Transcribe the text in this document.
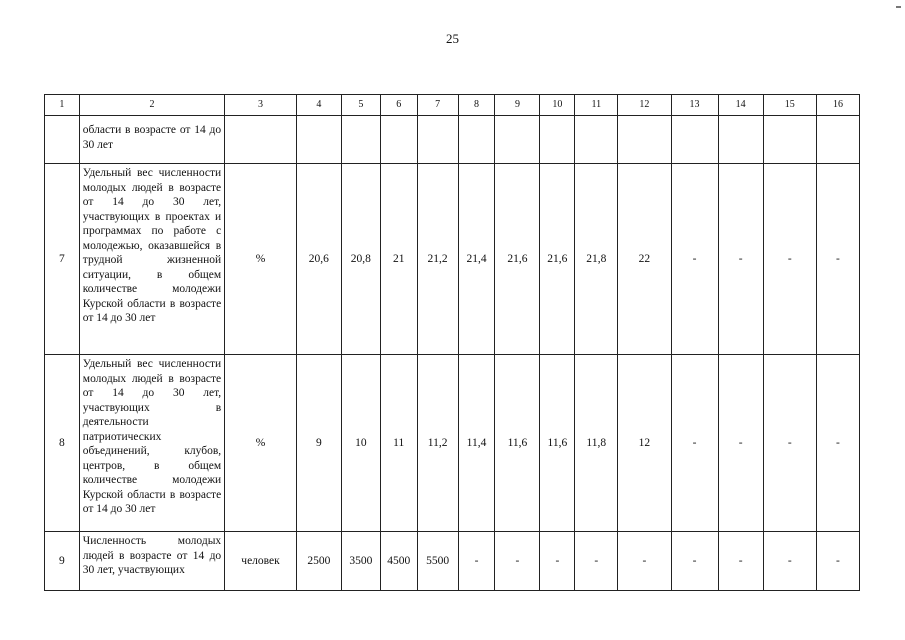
25
1	2	3	4	5	6	7	8	9	10	11	12	13	14	15	16
	области в возрасте от 14 до 30 лет														
7	Удельный вес численности молодых людей в возрасте от 14 до 30 лет, участвующих в проектах и программах по работе с молодежью, оказавшейся в трудной жизненной ситуации, в общем количестве молодежи Курской области в возрасте от 14 до 30 лет	%	20,6	20,8	21	21,2	21,4	21,6	21,6	21,8	22	-	-	-	-
8	Удельный вес численности молодых людей в возрасте от 14 до 30 лет, участвующих в деятельности патриотических объединений, клубов, центров, в общем количестве молодежи Курской области в возрасте от 14 до 30 лет	%	9	10	11	11,2	11,4	11,6	11,6	11,8	12	-	-	-	-
9	Численность молодых людей в возрасте от 14 до 30 лет, участвующих	человек	2500	3500	4500	5500	-	-	-	-	-	-	-	-	-
